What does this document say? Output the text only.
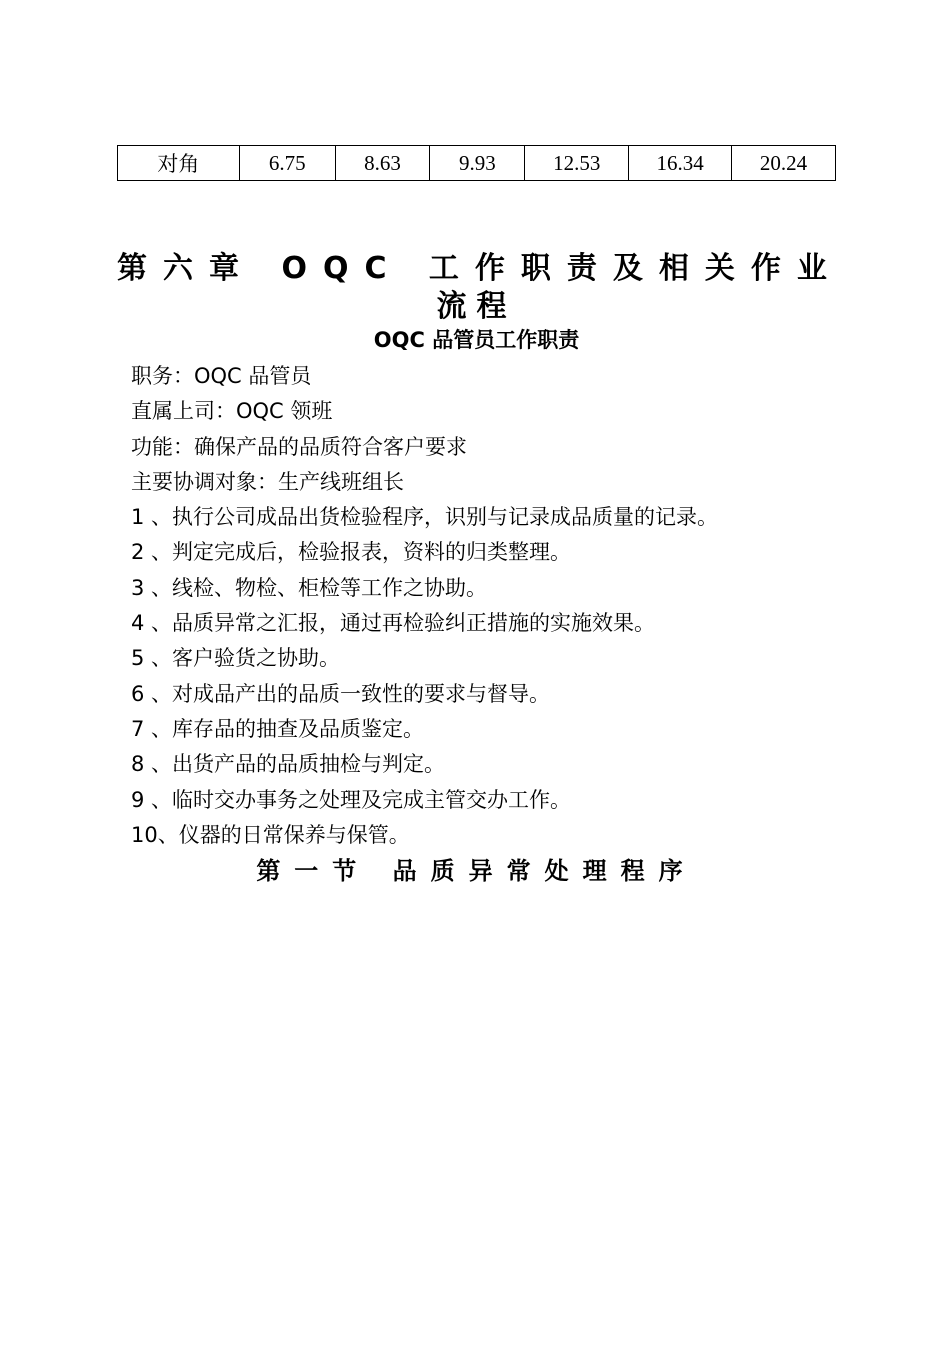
对角	6.75	8.63	9.93	12.53	16.34	20.24
第六章 OQC 工作职责及相关作业
流程
OQC 品管员工作职责
职务：OQC 品管员
直属上司：OQC 领班
功能：确保产品的品质符合客户要求
主要协调对象：生产线班组长
1 、执行公司成品出货检验程序，识别与记录成品质量的记录。
2 、判定完成后，检验报表，资料的归类整理。
3 、线检、物检、柜检等工作之协助。
4 、品质异常之汇报，通过再检验纠正措施的实施效果。
5 、客户验货之协助。
6 、对成品产出的品质一致性的要求与督导。
7 、库存品的抽查及品质鉴定。
8 、出货产品的品质抽检与判定。
9 、临时交办事务之处理及完成主管交办工作。
10、仪器的日常保养与保管。
第一节 品质异常处理程序
